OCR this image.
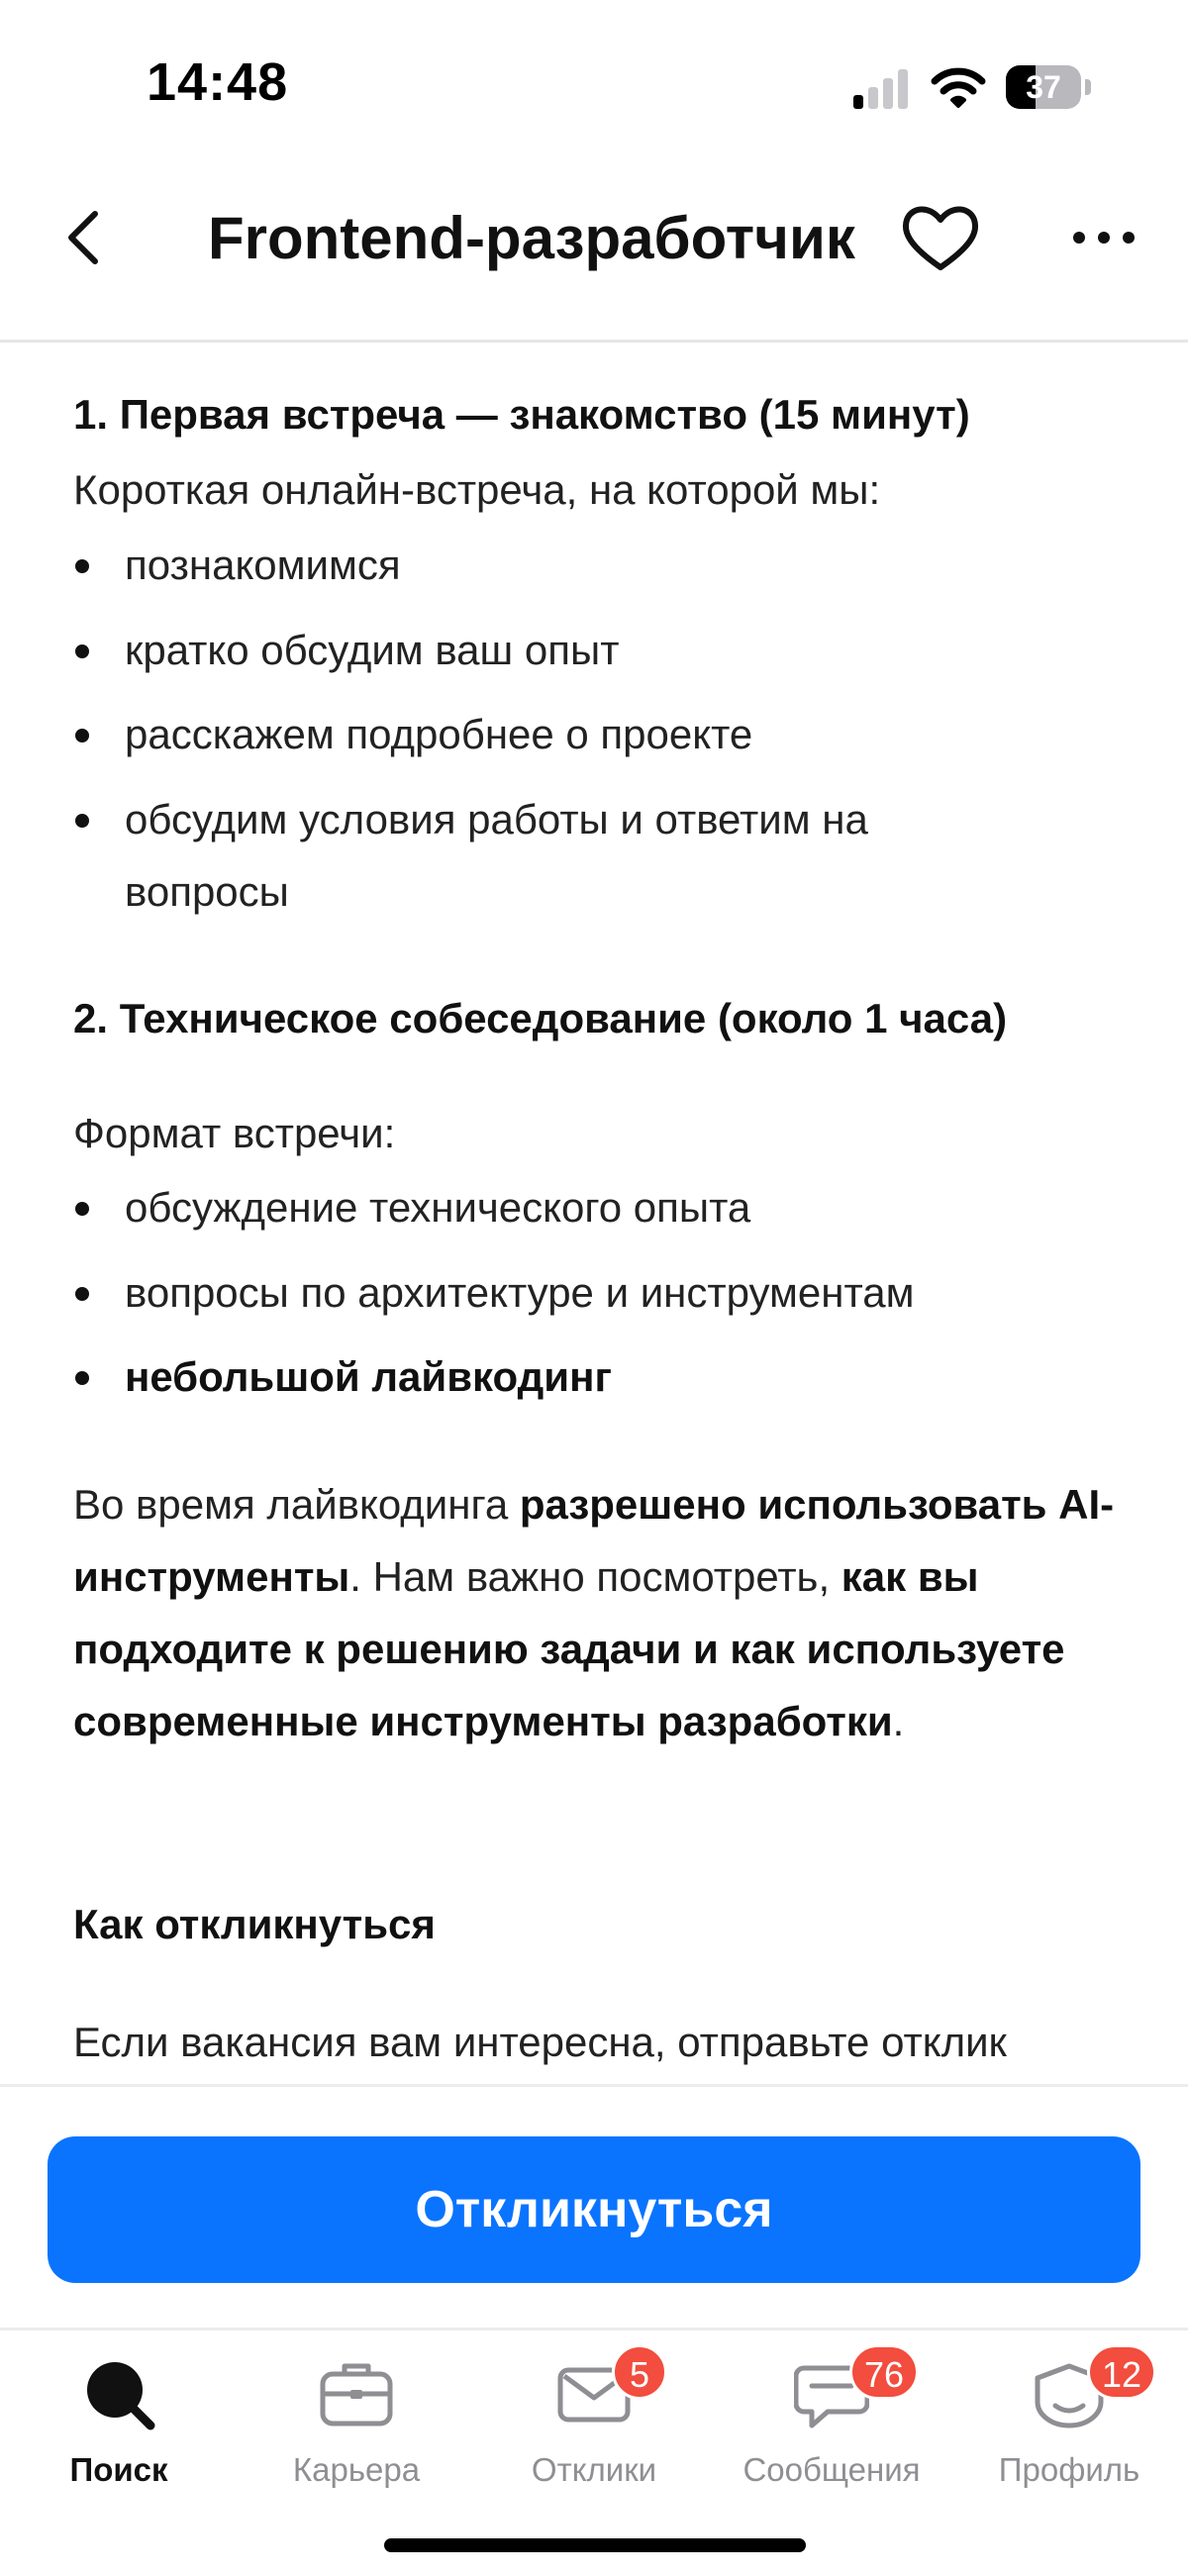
14:48	37
Frontend-разработчик
1. Первая встреча — знакомство (15 минут)
Короткая онлайн-встреча, на которой мы:
познакомимся
кратко обсудим ваш опыт
расскажем подробнее о проекте
обсудим условия работы и ответим на вопросы
2. Техническое собеседование (около 1 часа)
Формат встречи:
обсуждение технического опыта
вопросы по архитектуре и инструментам
небольшой лайвкодинг
Во время лайвкодинга разрешено использовать AI-инструменты. Нам важно посмотреть, как вы подходите к решению задачи и как используете современные инструменты разработки.
Как откликнуться
Если вакансия вам интересна, отправьте отклик
Откликнуться
Поиск	Карьера
5
Отклики
76
Сообщения
12
Профиль
